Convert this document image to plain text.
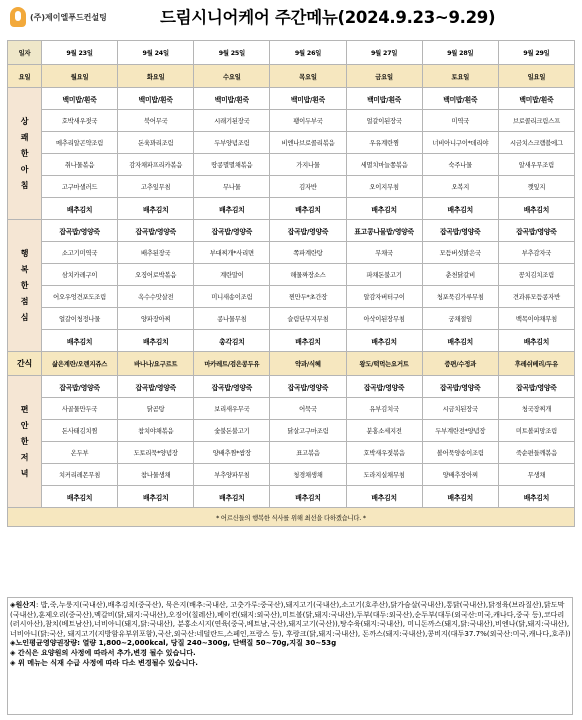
(주)제이엘푸드컨설팅	드림시니어케어 주간메뉴(2024.9.23~9.29)
일자	9월 23일	9월 24일	9월 25일	9월 26일	9월 27일	9월 28일	9월 29일
요일	월요일	화요일	수요일	목요일	금요일	토요일	일요일

상
쾌
한
아
침	백미밥/흰죽	백미밥/흰죽	백미밥/흰죽	백미밥/흰죽	백미밥/흰죽	백미밥/흰죽	백미밥/흰죽
	호박새우젓국	북어무국	시래기된장국	팽이두부국	얼갈이된장국	미역국	브로콜리크림스프
	메추리알곤약조림	돈육꽈리조림	두부양념조림	비엔나브로콜리볶음	우유계란찜	너비아니구이*데리야	시금치스크램블에그
	취나물볶음	감자채파프리카볶음	땅콩멸멸채볶음	가지나물	세멸치마늘쫑볶음	숙주나물	알새우무조림
	고구마샐러드	고추잎무침	무나물	김자반	오이지무침	오복지	깻잎지
	배추김치	배추김치	배추김치	배추김치	배추김치	배추김치	배추김치

행
복
한
점
심	잡곡밥/영양죽	잡곡밥/영양죽	잡곡밥/영양죽	잡곡밥/영양죽	표고콩나물밥/영양죽	잡곡밥/영양죽	잡곡밥/영양죽
	소고기미역국	배추된장국	부대찌개*사리면	쪽파계란탕	무채국	모듬버섯맑은국	부추감자국
	삼치카레구이	오징어로박볶음	계란말이	해물짜장소스	파채돈불고기	춘천닭갈비	꽁치김치조림
	어오우엉견포도조림	옥수수맛살전	미니새송이조림	찐만두*초간장	알감자버터구이	청포묵김가루무침	견과류모듬콩자반
	얼갈이청정나물	양파장아찌	콩나물무침	슬림단무지무침	아삭이된장무침	궁채절임	백목이야채무침
	배추김치	배추김치	총각김치	배추김치	배추김치	배추김치	배추김치
간식	삶은계란/오렌지쥬스	바나나/요구르트	마카레트/검은콩두유	약과/식혜	왕도/떡먹는요거트	증편/수정과	후레쉬베리/두유

편
안
한
저
녁	잡곡밥/영양죽	잡곡밥/영양죽	잡곡밥/영양죽	잡곡밥/영양죽	잡곡밥/영양죽	잡곡밥/영양죽	잡곡밥/영양죽
	사골물만두국	닭곰탕	보리새우무국	어묵국	유부김치국	시금치된장국	청국장찌개
	돈사태김치찜	참치야채볶음	숯불돈불고기	닭살고구마조림	분홍소세지전	두부계란전*양념장	미트볼피망조림
	온두부	도토리묵*양념장	양배추찜*쌈장	표고볶음	호박새우젓볶음	볼어묵양송이조림	죽순편들깨볶음
	치커리레몬무침	참나물생채	부추양파무침	청경채생채	도라지실채무침	양배추장아찌	무생채
	배추김치	배추김치	배추김치	배추김치	배추김치	배추김치	배추김치
* 어르신들의 행복한 식사를 위해 최선을 다하겠습니다. *							

◈원산지: 밥,죽,누룽지(국내산),배추김치(중국산), 묵은지(배추:국내산, 고춧가루:중국산),돼지고기(국내산),소고기(호주산),닭가슴살(국내산),통닭(국내산),닭정육(브라질산),닭도막(국내산),훈제오리(중국산),멕갈비(닭,돼지:국내산),오징어(칠레산),베이컨(돼지:외국산),미트볼(닭,돼지:국내산),두부(대두:외국산),순두부(대두(외국산:미국,캐나다,중국 등),코다리(러시아산),참치(베트남산),너비아니(돼지,닭:국내산), 분홍소시지(연육(중국,베트남,국산),돼지고기(국산)),탕수육(돼지:국내산), 미니돈까스(돼지,닭:국내산),비엔나(닭,돼지:국내산),너비아니(닭:국산, 돼지고기(지방함유부위포함),국산,외국산:네덜란드,스페인,프랑스 등), 후랑크(닭,돼지:국내산), 돈까스(돼지:국내산),콩비지(대두37.7%(외국산:미국,캐나다,호주))

◈노인평균영양권장량: 열량 1,800~2,000kcal, 당질 240~300g, 단백질 50~70g,지질 30~53g

◈ 간식은 요양원의 사정에 따라서 추가,변경 될수 있습니다.

◈ 위 메뉴는 식재 수급 사정에 따라 다소 변경될수 있습니다.
